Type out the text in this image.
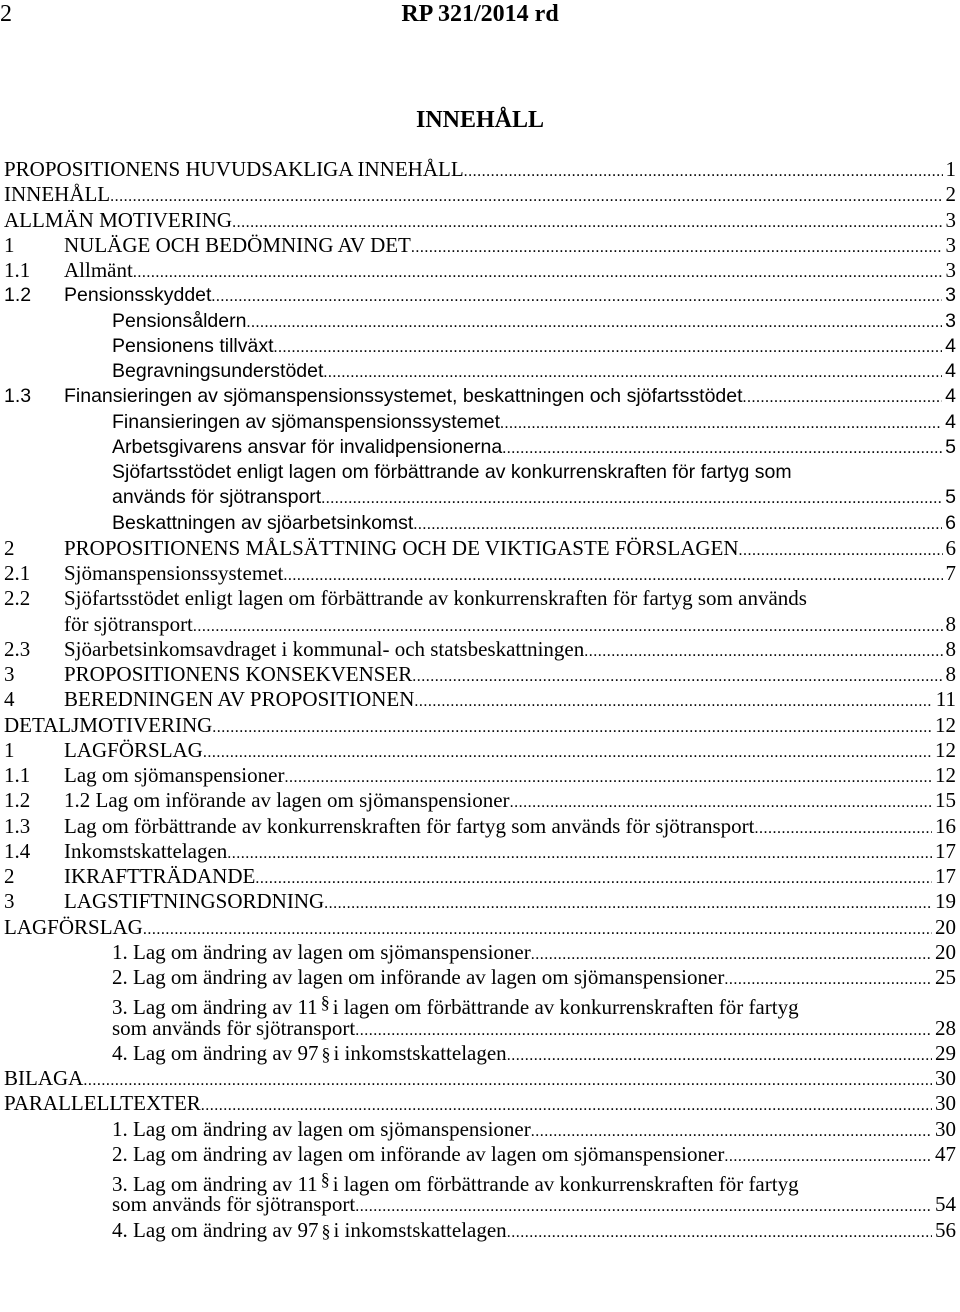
2	RP 321/2014 rd
INNEHÅLL
PROPOSITIONENS HUVUDSAKLIGA INNEHÅLL .....	1
INNEHÅLL .....	2
ALLMÄN MOTIVERING .....	3
1 NULÄGE OCH BEDÖMNING AV DET .....	3
1.1 Allmänt .....	3
1.2 Pensionsskyddet .....	3
Pensionsåldern .....	3
Pensionens tillväxt .....	4
Begravningsunderstödet .....	4
1.3 Finansieringen av sjömanspensionssystemet, beskattningen och sjöfartsstödet .....	4
Finansieringen av sjömanspensionssystemet .....	4
Arbetsgivarens ansvar för invalidpensionerna .....	5
Sjöfartsstödet enligt lagen om förbättrande av konkurrenskraften för fartyg som
används för sjötransport .....	5
Beskattningen av sjöarbetsinkomst .....	6
2 PROPOSITIONENS MÅLSÄTTNING OCH DE VIKTIGASTE FÖRSLAGEN .....	6
2.1 Sjömanspensionssystemet .....	7
2.2 Sjöfartsstödet enligt lagen om förbättrande av konkurrenskraften för fartyg som används
för sjötransport .....	8
2.3 Sjöarbetsinkomsavdraget i kommunal- och statsbeskattningen .....	8
3 PROPOSITIONENS KONSEKVENSER .....	8
4 BEREDNINGEN AV PROPOSITIONEN .....	11
DETALJMOTIVERING .....	12
1 LAGFÖRSLAG .....	12
1.1 Lag om sjömanspensioner .....	12
1.2 1.2 Lag om införande av lagen om sjömanspensioner .....	15
1.3 Lag om förbättrande av konkurrenskraften för fartyg som används för sjötransport .....	16
1.4 Inkomstskattelagen .....	17
2 IKRAFTTRÄDANDE .....	17
3 LAGSTIFTNINGSORDNING .....	19
LAGFÖRSLAG .....	20
1. Lag om ändring av lagen om sjömanspensioner .....	20
2. Lag om ändring av lagen om införande av lagen om sjömanspensioner .....	25
3. Lag om ändring av 11 § i lagen om förbättrande av konkurrenskraften för fartyg
som används för sjötransport .....	28
4. Lag om ändring av 97 § i inkomstskattelagen .....	29
BILAGA .....	30
PARALLELLTEXTER .....	30
1. Lag om ändring av lagen om sjömanspensioner .....	30
2. Lag om ändring av lagen om införande av lagen om sjömanspensioner .....	47
3. Lag om ändring av 11 § i lagen om förbättrande av konkurrenskraften för fartyg
som används för sjötransport .....	54
4. Lag om ändring av 97 § i inkomstskattelagen .....	56
